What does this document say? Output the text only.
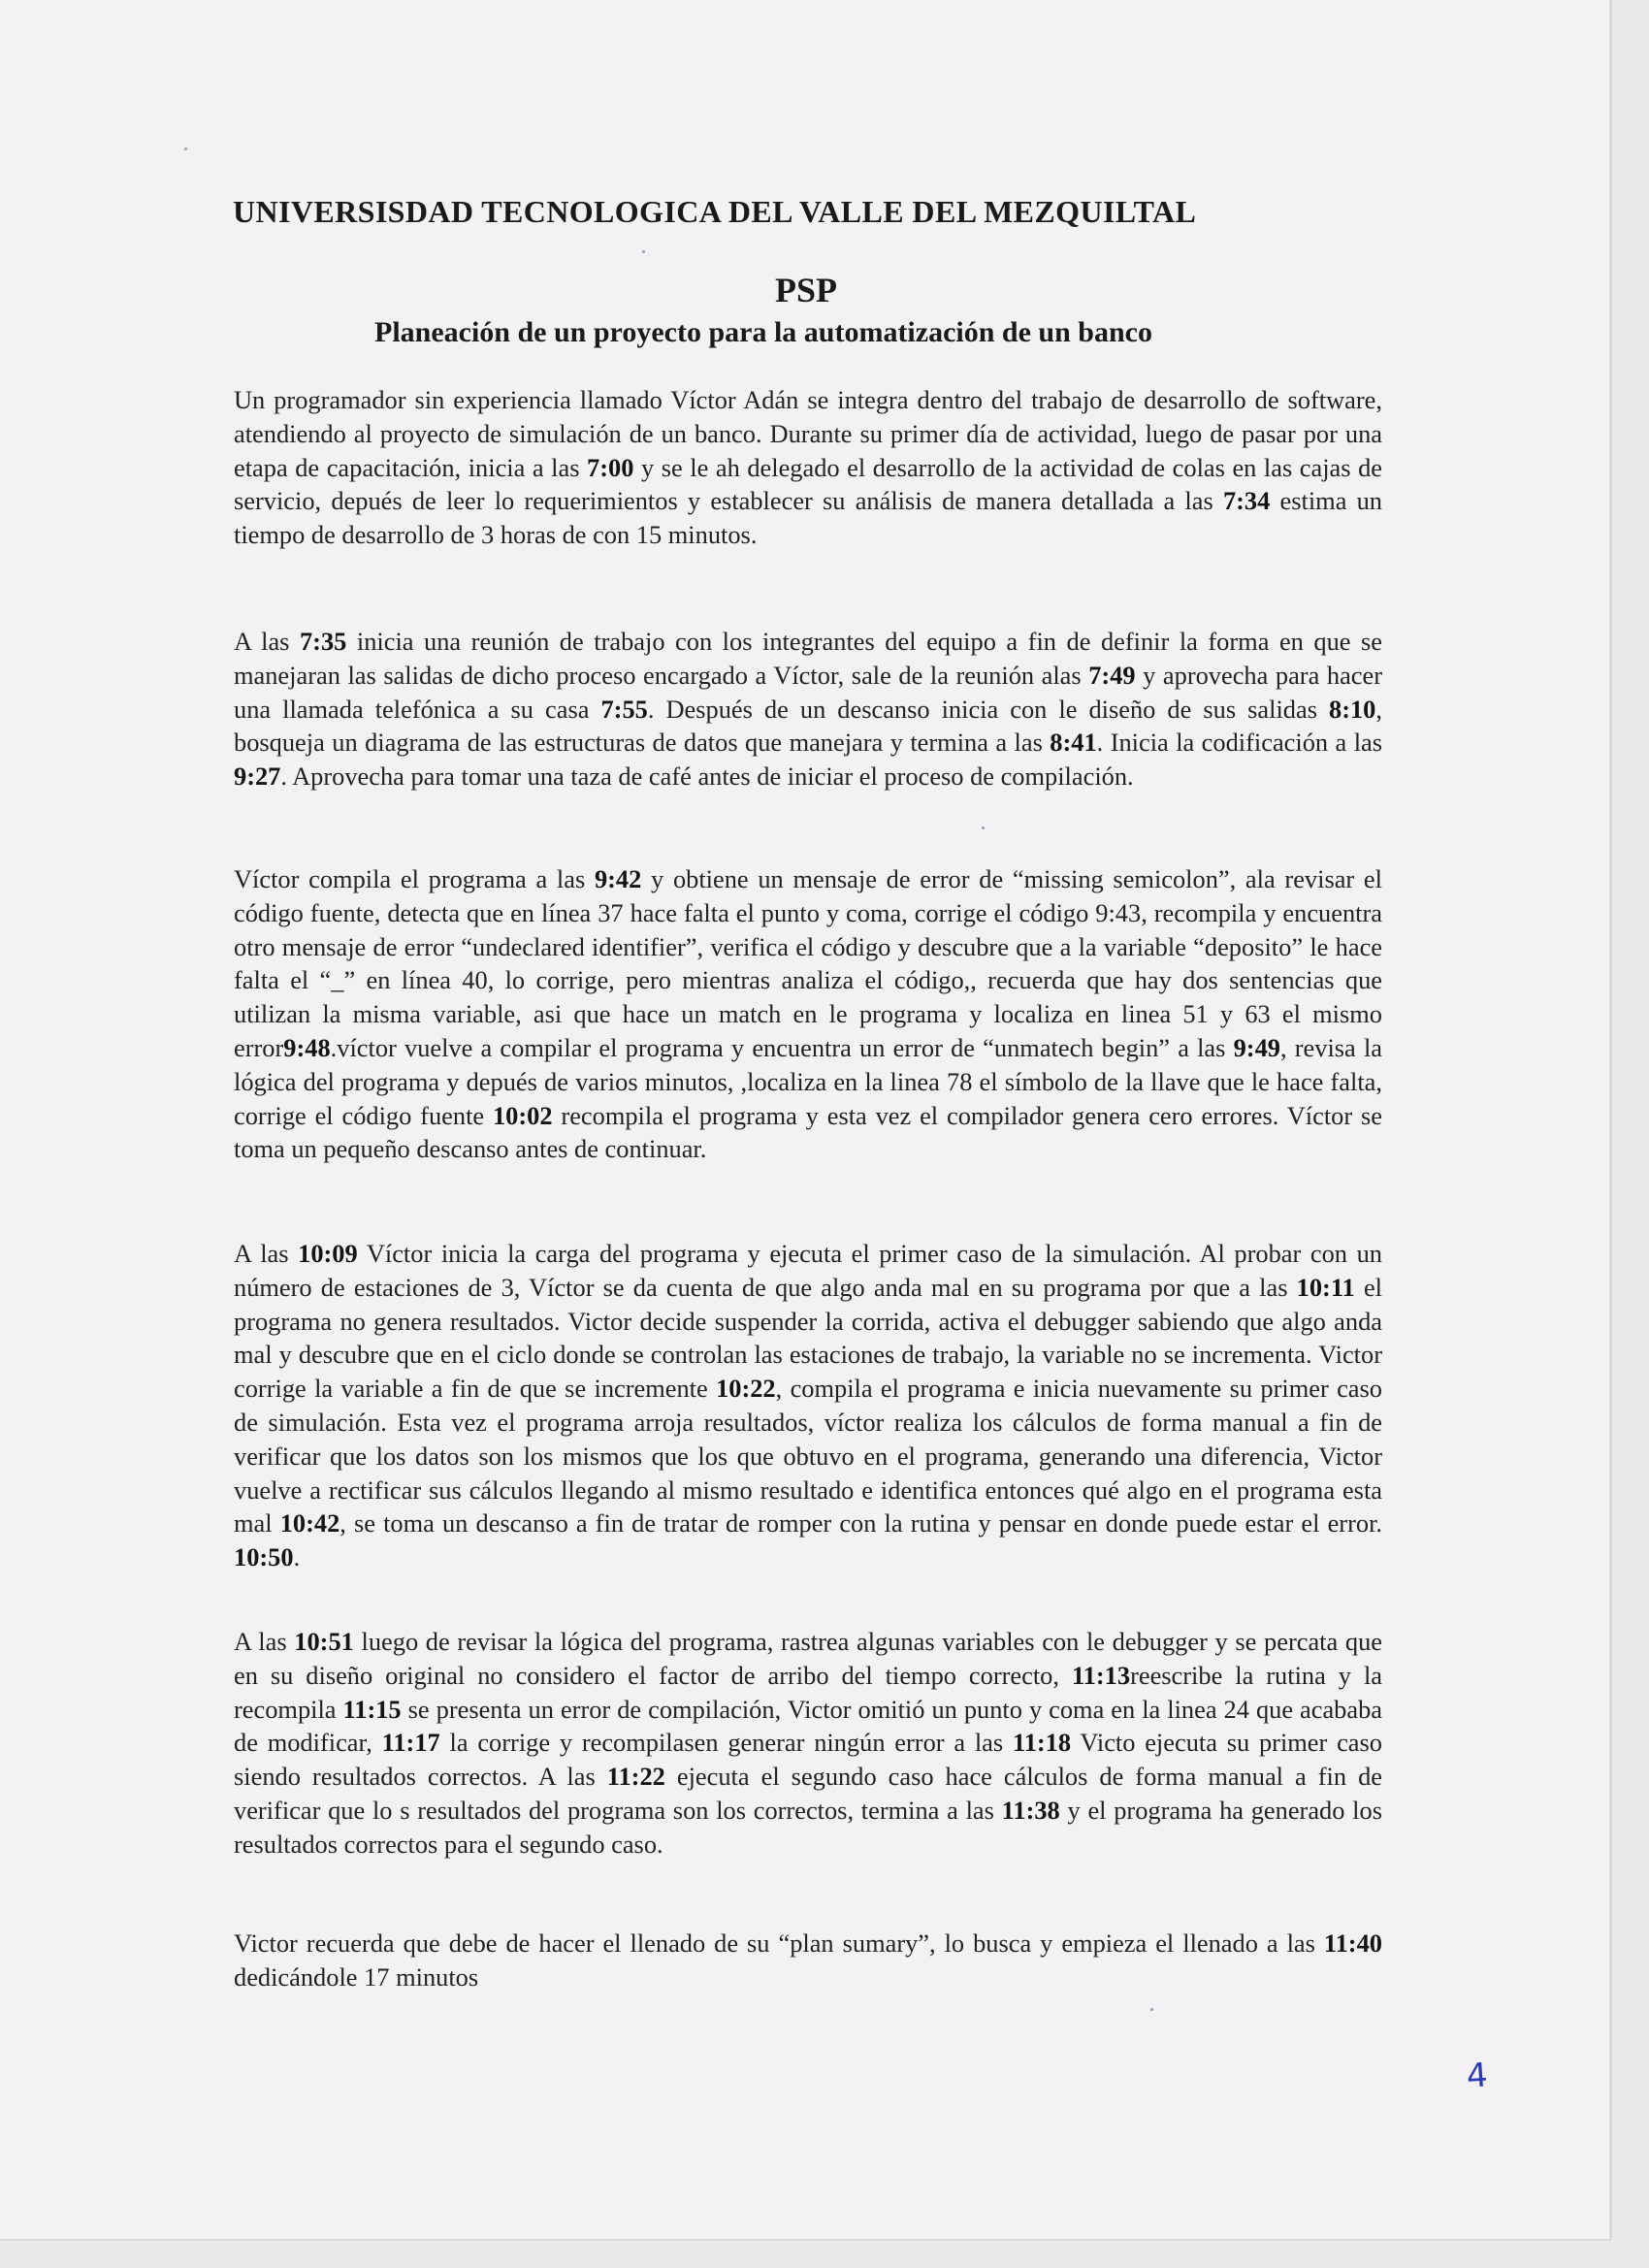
UNIVERSISDAD TECNOLOGICA DEL VALLE DEL MEZQUILTAL
PSP
Planeación de un proyecto para la automatización de un banco

Un programador sin experiencia llamado Víctor Adán se integra dentro del trabajo de desarrollo de software, atendiendo al proyecto de simulación de un banco. Durante su primer día de actividad, luego de pasar por una etapa de capacitación, inicia a las 7:00 y se le ah delegado el desarrollo de la actividad de colas en las cajas de servicio, depués de leer lo requerimientos y establecer su análisis de manera detallada a las 7:34 estima un tiempo de desarrollo de 3 horas de con 15 minutos.

A las 7:35 inicia una reunión de trabajo con los integrantes del equipo a fin de definir la forma en que se manejaran las salidas de dicho proceso encargado a Víctor, sale de la reunión alas 7:49 y aprovecha para hacer una llamada telefónica a su casa 7:55. Después de un descanso inicia con le diseño de sus salidas 8:10, bosqueja un diagrama de las estructuras de datos que manejara y termina a las 8:41. Inicia la codificación a las 9:27. Aprovecha para tomar una taza de café antes de iniciar el proceso de compilación.

Víctor compila el programa a las 9:42 y obtiene un mensaje de error de “missing semicolon”, ala revisar el código fuente, detecta que en línea 37 hace falta el punto y coma, corrige el código 9:43, recompila y encuentra otro mensaje de error “undeclared identifier”, verifica el código y descubre que a la variable “deposito” le hace falta el “_” en línea 40, lo corrige, pero mientras analiza el código,, recuerda que hay dos sentencias que utilizan la misma variable, asi que hace un match en le programa y localiza en linea 51 y 63 el mismo error9:48.víctor vuelve a compilar el programa y encuentra un error de “unmatech begin” a las 9:49, revisa la lógica del programa y depués de varios minutos, ,localiza en la linea 78 el símbolo de la llave que le hace falta, corrige el código fuente 10:02 recompila el programa y esta vez el compilador genera cero errores. Víctor se toma un pequeño descanso antes de continuar.

A las 10:09 Víctor inicia la carga del programa y ejecuta el primer caso de la simulación. Al probar con un número de estaciones de 3, Víctor se da cuenta de que algo anda mal en su programa por que a las 10:11 el programa no genera resultados. Victor decide suspender la corrida, activa el debugger sabiendo que algo anda mal y descubre que en el ciclo donde se controlan las estaciones de trabajo, la variable no se incrementa. Victor corrige la variable a fin de que se incremente 10:22, compila el programa e inicia nuevamente su primer caso de simulación. Esta vez el programa arroja resultados, víctor realiza los cálculos de forma manual a fin de verificar que los datos son los mismos que los que obtuvo en el programa, generando una diferencia, Victor vuelve a rectificar sus cálculos llegando al mismo resultado e identifica entonces qué algo en el programa esta mal 10:42, se toma un descanso a fin de tratar de romper con la rutina y pensar en donde puede estar el error. 10:50.

A las 10:51 luego de revisar la lógica del programa, rastrea algunas variables con le debugger y se percata que en su diseño original no considero el factor de arribo del tiempo correcto, 11:13reescribe la rutina y la recompila 11:15 se presenta un error de compilación, Victor omitió un punto y coma en la linea 24 que acababa de modificar, 11:17 la corrige y recompilasen generar ningún error a las 11:18 Victo ejecuta su primer caso siendo resultados correctos. A las 11:22 ejecuta el segundo caso hace cálculos de forma manual a fin de verificar que lo s resultados del programa son los correctos, termina a las 11:38 y el programa ha generado los resultados correctos para el segundo caso.

Victor recuerda que debe de hacer el llenado de su “plan sumary”, lo busca y empieza el llenado a las 11:40 dedicándole 17 minutos

4
